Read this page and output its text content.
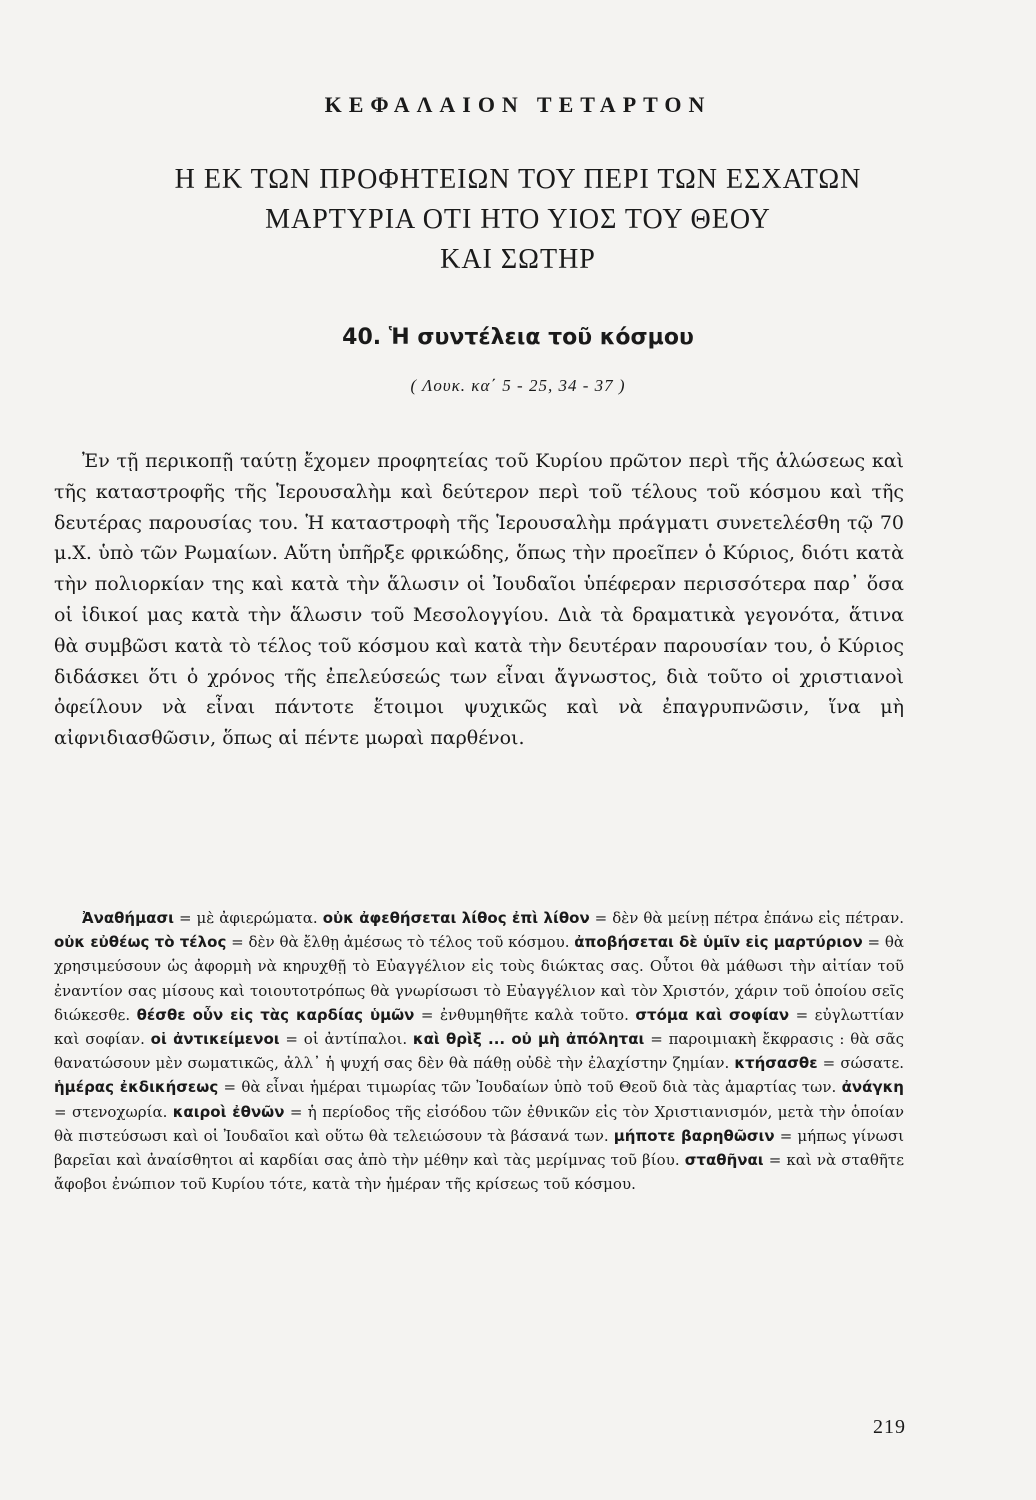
ΚΕΦΑΛΑΙΟΝ ΤΕΤΑΡΤΟΝ
Η ΕΚ ΤΩΝ ΠΡΟΦΗΤΕΙΩΝ ΤΟΥ ΠΕΡΙ ΤΩΝ ΕΣΧΑΤΩΝ
ΜΑΡΤΥΡΙΑ ΟΤΙ ΗΤΟ ΥΙΟΣ ΤΟΥ ΘΕΟΥ
ΚΑΙ ΣΩΤΗΡ
40. Ἡ συντέλεια τοῦ κόσμου
( Λουκ. κα΄ 5 - 25, 34 - 37 )

Ἐν τῇ περικοπῇ ταύτῃ ἔχομεν προφητείας τοῦ Κυρίου πρῶτον περὶ τῆς ἁλώσεως καὶ τῆς καταστροφῆς τῆς Ἱερουσαλὴμ καὶ δεύτερον περὶ τοῦ τέλους τοῦ κόσμου καὶ τῆς δευτέρας παρουσίας του. Ἡ καταστροφὴ τῆς Ἱερουσαλὴμ πράγματι συνετελέσθη τῷ 70 μ.Χ. ὑπὸ τῶν Ρωμαίων. Αὕτη ὑπῆρξε φρικώδης, ὅπως τὴν προεῖπεν ὁ Κύριος, διότι κατὰ τὴν πολιορκίαν της καὶ κατὰ τὴν ἅλωσιν οἱ Ἰουδαῖοι ὑπέφεραν περισσότερα παρ᾿ ὅσα οἱ ἰδικοί μας κατὰ τὴν ἅλωσιν τοῦ Μεσολογγίου. Διὰ τὰ δραματικὰ γεγονότα, ἅτινα θὰ συμβῶσι κατὰ τὸ τέλος τοῦ κόσμου καὶ κατὰ τὴν δευτέραν παρουσίαν του, ὁ Κύριος διδάσκει ὅτι ὁ χρόνος τῆς ἐπελεύσεώς των εἶναι ἄγνωστος, διὰ τοῦτο οἱ χριστιανοὶ ὀφείλουν νὰ εἶναι πάντοτε ἕτοιμοι ψυχικῶς καὶ νὰ ἐπαγρυπνῶσιν, ἵνα μὴ αἰφνιδιασθῶσιν, ὅπως αἱ πέντε μωραὶ παρθένοι.

Ἀναθήμασι = μὲ ἀφιερώματα. οὐκ ἀφεθήσεται λίθος ἐπὶ λίθον = δὲν θὰ μείνῃ πέτρα ἐπάνω εἰς πέτραν. οὐκ εὐθέως τὸ τέλος = δὲν θὰ ἔλθῃ ἀμέσως τὸ τέλος τοῦ κόσμου. ἀποβήσεται δὲ ὑμῖν εἰς μαρτύριον = θὰ χρησιμεύσουν ὡς ἀφορμὴ νὰ κηρυχθῇ τὸ Εὐαγγέλιον εἰς τοὺς διώκτας σας. Οὗτοι θὰ μάθωσι τὴν αἰτίαν τοῦ ἐναντίον σας μίσους καὶ τοιουτοτρόπως θὰ γνωρίσωσι τὸ Εὐαγγέλιον καὶ τὸν Χριστόν, χάριν τοῦ ὁποίου σεῖς διώκεσθε. θέσθε οὖν εἰς τὰς καρδίας ὑμῶν = ἐνθυμηθῆτε καλὰ τοῦτο. στόμα καὶ σοφίαν = εὐγλωττίαν καὶ σοφίαν. οἱ ἀντικείμενοι = οἱ ἀντίπαλοι. καὶ θρὶξ ... οὐ μὴ ἀπόληται = παροιμιακὴ ἔκφρασις : θὰ σᾶς θανατώσουν μὲν σωματικῶς, ἀλλ᾿ ἡ ψυχή σας δὲν θὰ πάθῃ οὐδὲ τὴν ἐλαχίστην ζημίαν. κτήσασθε = σώσατε. ἡμέρας ἐκδικήσεως = θὰ εἶναι ἡμέραι τιμωρίας τῶν Ἰουδαίων ὑπὸ τοῦ Θεοῦ διὰ τὰς ἁμαρτίας των. ἀνάγκη = στενοχωρία. καιροὶ ἐθνῶν = ἡ περίοδος τῆς εἰσόδου τῶν ἐθνικῶν εἰς τὸν Χριστιανισμόν, μετὰ τὴν ὁποίαν θὰ πιστεύσωσι καὶ οἱ Ἰουδαῖοι καὶ οὕτω θὰ τελειώσουν τὰ βάσανά των. μήποτε βαρηθῶσιν = μήπως γίνωσι βαρεῖαι καὶ ἀναίσθητοι αἱ καρδίαι σας ἀπὸ τὴν μέθην καὶ τὰς μερίμνας τοῦ βίου. σταθῆναι = καὶ νὰ σταθῆτε ἄφοβοι ἐνώπιον τοῦ Κυρίου τότε, κατὰ τὴν ἡμέραν τῆς κρίσεως τοῦ κόσμου.

219
